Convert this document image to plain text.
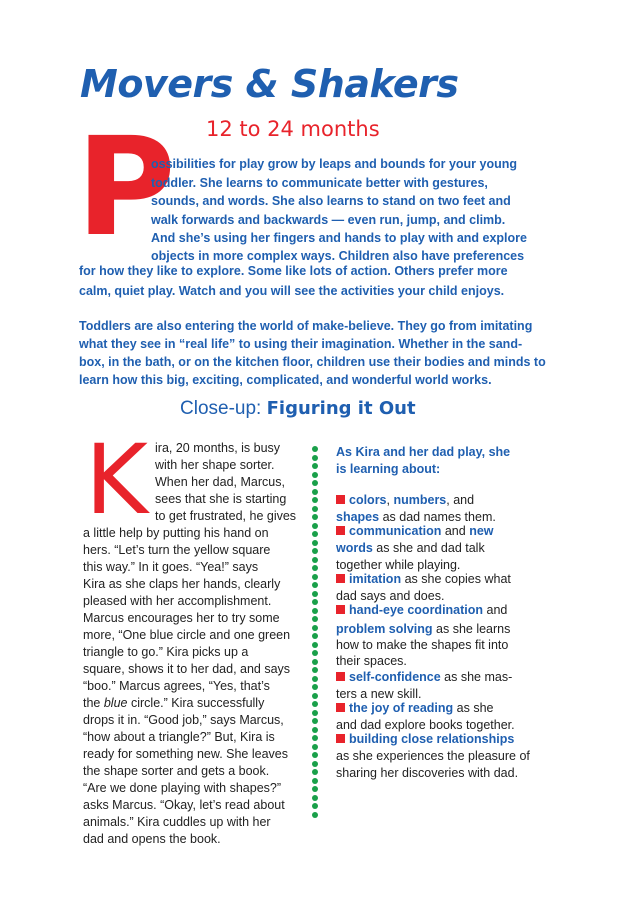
Movers & Shakers
12 to 24 months
P
ossibilities for play grow by leaps and bounds for your young
toddler. She learns to communicate better with gestures,
sounds, and words. She also learns to stand on two feet and
walk forwards and backwards — even run, jump, and climb.
And she’s using her fingers and hands to play with and explore
objects in more complex ways. Children also have preferences
for how they like to explore. Some like lots of action. Others prefer more
calm, quiet play. Watch and you will see the activities your child enjoys.
Toddlers are also entering the world of make-believe. They go from imitating
what they see in “real life” to using their imagination. Whether in the sand-
box, in the bath, or on the kitchen floor, children use their bodies and minds to
learn how this big, exciting, complicated, and wonderful world works.
Close-up: Figuring it Out
K ira, 20 months, is busy
with her shape sorter.
When her dad, Marcus,
sees that she is starting
to get frustrated, he gives
a little help by putting his hand on
hers. “Let’s turn the yellow square
this way.” In it goes. “Yea!” says
Kira as she claps her hands, clearly
pleased with her accomplishment.
Marcus encourages her to try some
more, “One blue circle and one green
triangle to go.” Kira picks up a
square, shows it to her dad, and says
“boo.” Marcus agrees, “Yes, that’s
the blue circle.” Kira successfully
drops it in. “Good job,” says Marcus,
“how about a triangle?” But, Kira is
ready for something new. She leaves
the shape sorter and gets a book.
“Are we done playing with shapes?”
asks Marcus. “Okay, let’s read about
animals.” Kira cuddles up with her
dad and opens the book.
As Kira and her dad play, she
is learning about:
colors, numbers, and
shapes as dad names them.
communication and new
words as she and dad talk
together while playing.
imitation as she copies what
dad says and does.
hand-eye coordination and
problem solving as she learns
how to make the shapes fit into
their spaces.
self-confidence as she mas-
ters a new skill.
the joy of reading as she
and dad explore books together.
building close relationships
as she experiences the pleasure of
sharing her discoveries with dad.
